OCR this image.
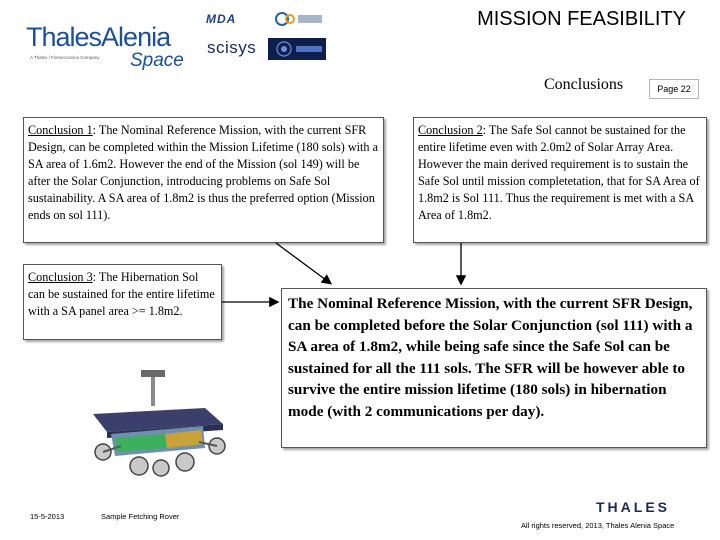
ThalesAlenia
A Thales / Finmeccanica Company Space
MDA
scisys
MISSION FEASIBILITY
Conclusions	Page 22
Conclusion 1: The Nominal Reference Mission, with the current SFR Design, can be completed within the Mission Lifetime (180 sols) with a SA area of 1.6m2. However the end of the Mission (sol 149) will be after the Solar Conjunction, introducing problems on Safe Sol sustainability. A SA area of 1.8m2 is thus the preferred option (Mission ends on sol 111).
Conclusion 2: The Safe Sol cannot be sustained for the entire lifetime even with 2.0m2 of Solar Array Area. However the main derived requirement is to sustain the Safe Sol until mission completetation, that for SA Area of 1.8m2 is Sol 111. Thus the requirement is met with a SA Area of 1.8m2.
Conclusion 3: The Hibernation Sol can be sustained for the entire lifetime with a SA panel area >= 1.8m2.	The Nominal Reference Mission, with the current SFR Design, can be completed before the Solar Conjunction (sol 111) with a SA area of 1.8m2, while being safe since the Safe Sol can be sustained for all the 111 sols. The SFR will be however able to survive the entire mission lifetime (180 sols) in hibernation mode (with 2 communications per day).
15-5-2013	Sample Fetching Rover
THALES
All rights reserved, 2013, Thales Alenia Space
